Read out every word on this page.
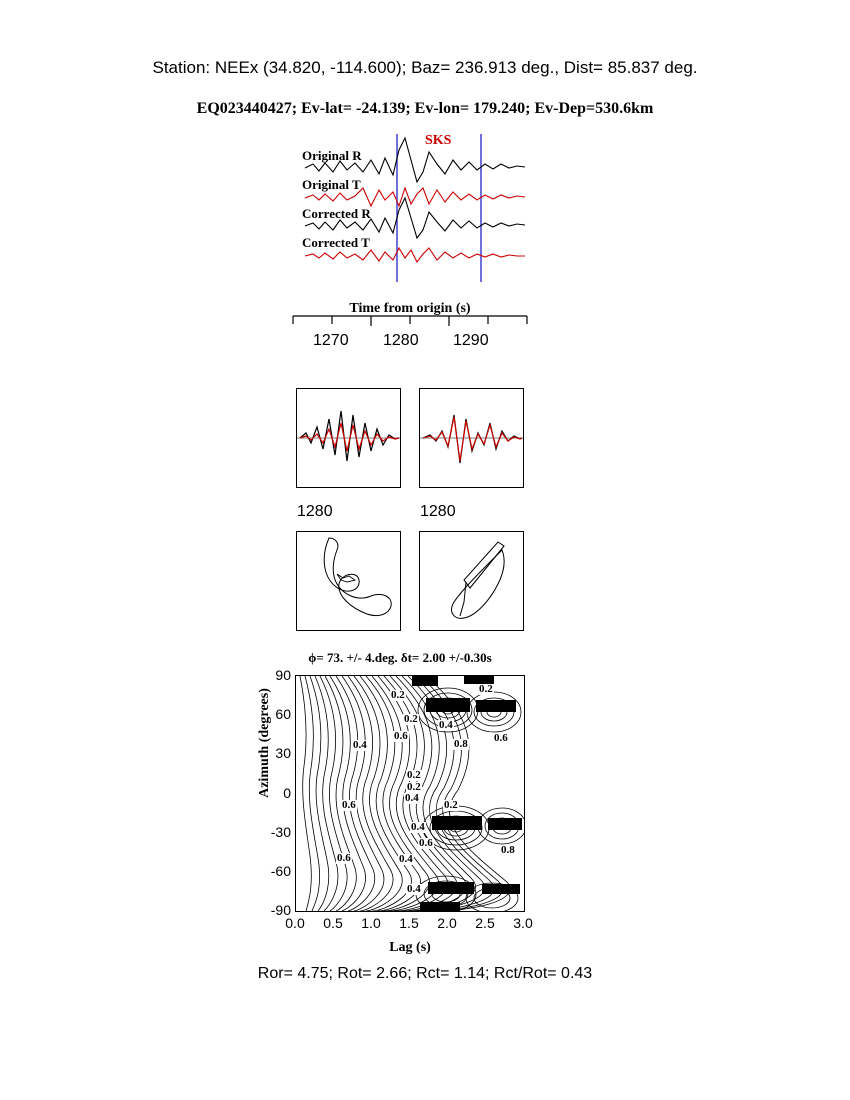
Station: NEEx (34.820, -114.600); Baz= 236.913 deg., Dist= 85.837 deg.
EQ023440427; Ev-lat= -24.139; Ev-lon= 179.240; Ev-Dep=530.6km
SKS
Original R
Original T
Corrected R
Corrected T
Time from origin (s)
1270 1280 1290
1280	1280
ϕ= 73. +/- 4.deg. δt= 2.00 +/-0.30s
0.2	0.2
0.2 0.4
0.6
0.8 0.6
0.4
0.2
0.2
0.4
0.6	0.2
0.4
0.6
0.8
0.4
0.6
0.4
90
60
30
0
-30
-60
-90
Azimuth (degrees)
0.0	0.5	1.0	1.5	2.0	2.5	3.0
Lag (s)
Ror= 4.75; Rot= 2.66; Rct= 1.14; Rct/Rot= 0.43
